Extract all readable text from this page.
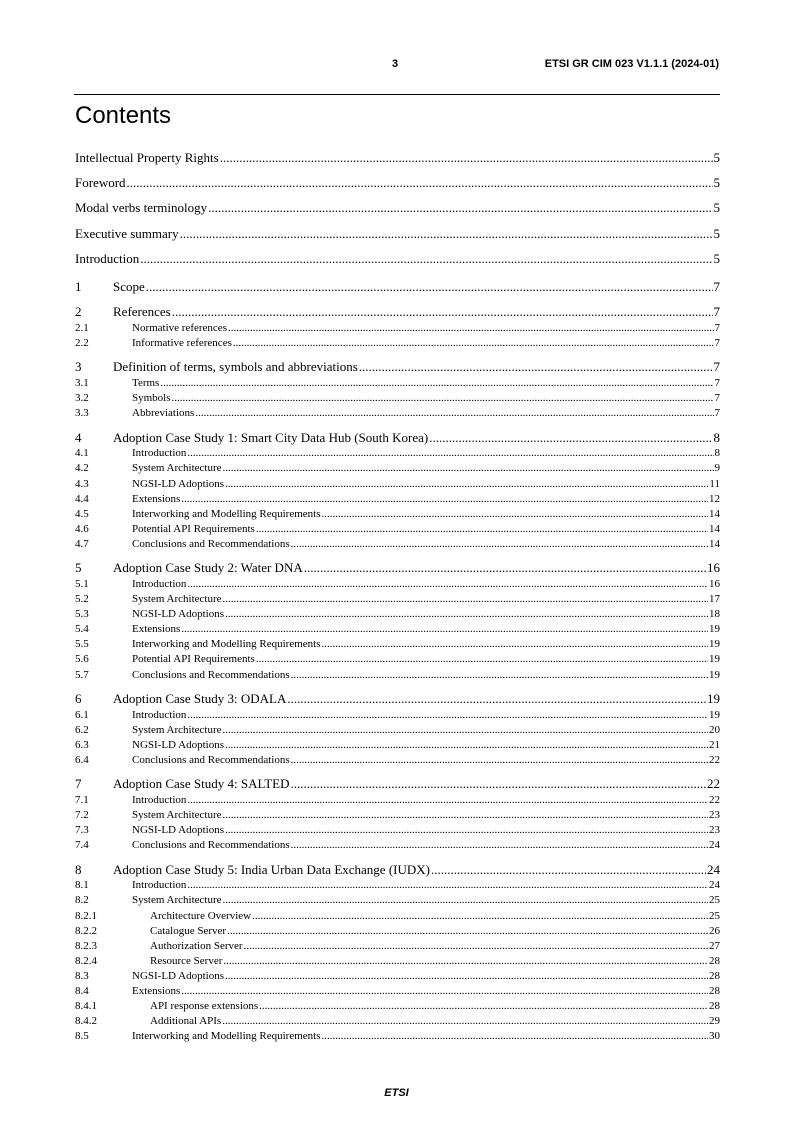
3	ETSI GR CIM 023 V1.1.1 (2024-01)
Contents
Intellectual Property Rights .....	5
Foreword .....	5
Modal verbs terminology .....	5
Executive summary .....	5
Introduction .....	5
1	Scope .....	7
2	References .....	7
2.1	Normative references .....	7
2.2	Informative references .....	7
3	Definition of terms, symbols and abbreviations .....	7
3.1	Terms .....	7
3.2	Symbols .....	7
3.3	Abbreviations .....	7
4	Adoption Case Study 1: Smart City Data Hub (South Korea) .....	8
4.1	Introduction .....	8
4.2	System Architecture .....	9
4.3	NGSI-LD Adoptions .....	11
4.4	Extensions .....	12
4.5	Interworking and Modelling Requirements .....	14
4.6	Potential API Requirements .....	14
4.7	Conclusions and Recommendations .....	14
5	Adoption Case Study 2: Water DNA .....	16
5.1	Introduction .....	16
5.2	System Architecture .....	17
5.3	NGSI-LD Adoptions .....	18
5.4	Extensions .....	19
5.5	Interworking and Modelling Requirements .....	19
5.6	Potential API Requirements .....	19
5.7	Conclusions and Recommendations .....	19
6	Adoption Case Study 3: ODALA .....	19
6.1	Introduction .....	19
6.2	System Architecture .....	20
6.3	NGSI-LD Adoptions .....	21
6.4	Conclusions and Recommendations .....	22
7	Adoption Case Study 4: SALTED .....	22
7.1	Introduction .....	22
7.2	System Architecture .....	23
7.3	NGSI-LD Adoptions .....	23
7.4	Conclusions and Recommendations .....	24
8	Adoption Case Study 5: India Urban Data Exchange (IUDX) .....	24
8.1	Introduction .....	24
8.2	System Architecture .....	25
8.2.1	Architecture Overview .....	25
8.2.2	Catalogue Server .....	26
8.2.3	Authorization Server .....	27
8.2.4	Resource Server .....	28
8.3	NGSI-LD Adoptions .....	28
8.4	Extensions .....	28
8.4.1	API response extensions .....	28
8.4.2	Additional APIs .....	29
8.5	Interworking and Modelling Requirements .....	30
ETSI
